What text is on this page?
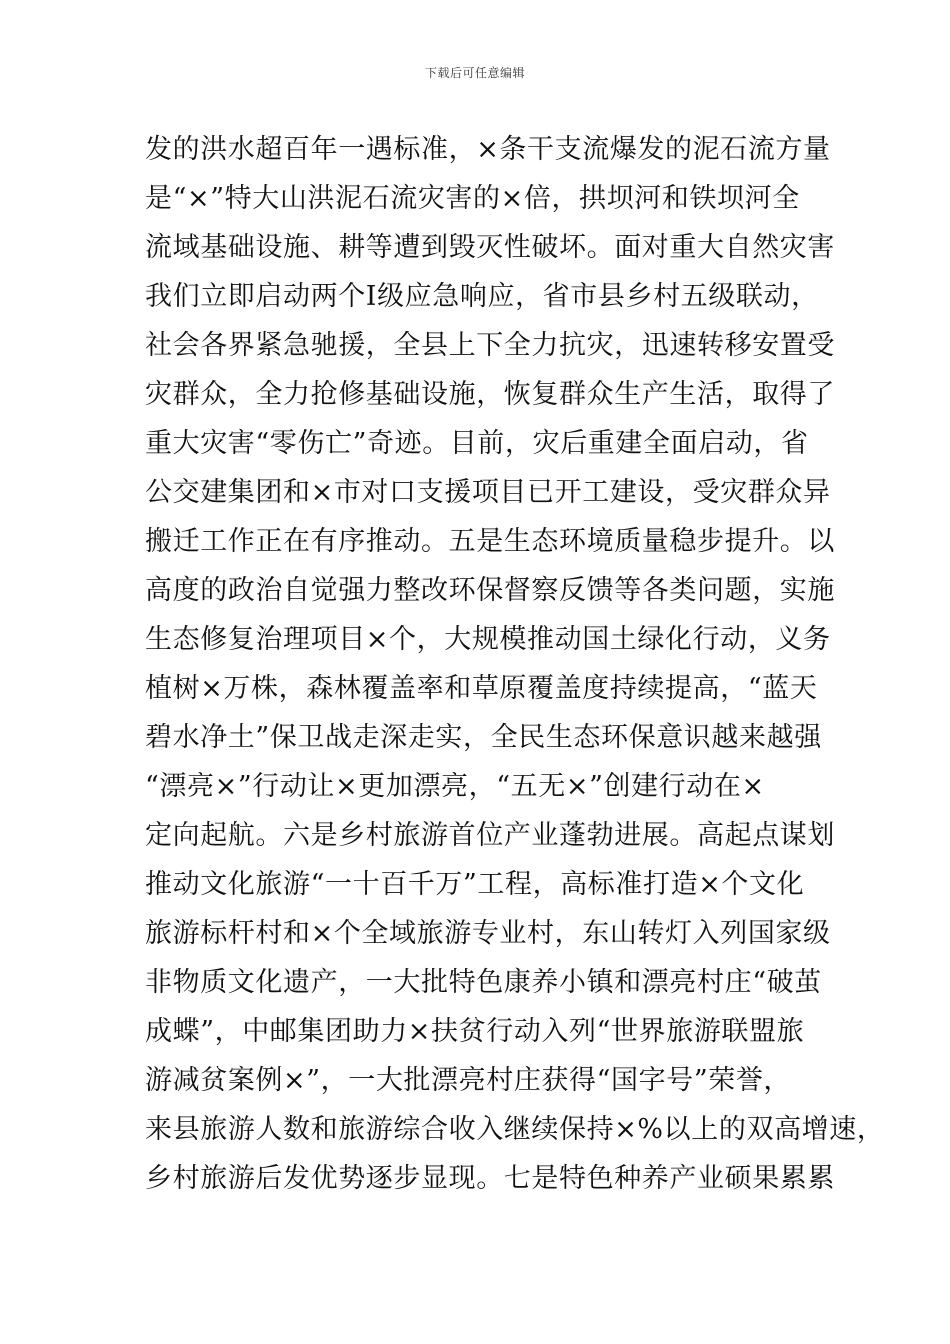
下载后可任意编辑
发的洪水超百年一遇标准，×条干支流爆发的泥石流方量
是“×”特大山洪泥石流灾害的×倍，拱坝河和铁坝河全
流域基础设施、耕等遭到毁灭性破坏。面对重大自然灾害
我们立即启动两个Ⅰ级应急响应，省市县乡村五级联动，
社会各界紧急驰援，全县上下全力抗灾，迅速转移安置受
灾群众，全力抢修基础设施，恢复群众生产生活，取得了
重大灾害“零伤亡”奇迹。目前，灾后重建全面启动，省
公交建集团和×市对口支援项目已开工建设，受灾群众异
搬迁工作正在有序推动。五是生态环境质量稳步提升。以
高度的政治自觉强力整改环保督察反馈等各类问题，实施
生态修复治理项目×个，大规模推动国土绿化行动，义务
植树×万株，森林覆盖率和草原覆盖度持续提高，“蓝天
碧水净土”保卫战走深走实，全民生态环保意识越来越强
“漂亮×”行动让×更加漂亮，“五无×”创建行动在×
定向起航。六是乡村旅游首位产业蓬勃进展。高起点谋划
推动文化旅游“一十百千万”工程，高标准打造×个文化
旅游标杆村和×个全域旅游专业村，东山转灯入列国家级
非物质文化遗产，一大批特色康养小镇和漂亮村庄“破茧
成蝶”，中邮集团助力×扶贫行动入列“世界旅游联盟旅
游减贫案例×”，一大批漂亮村庄获得“国字号”荣誉，
来县旅游人数和旅游综合收入继续保持×%以上的双高增速，
乡村旅游后发优势逐步显现。七是特色种养产业硕果累累
